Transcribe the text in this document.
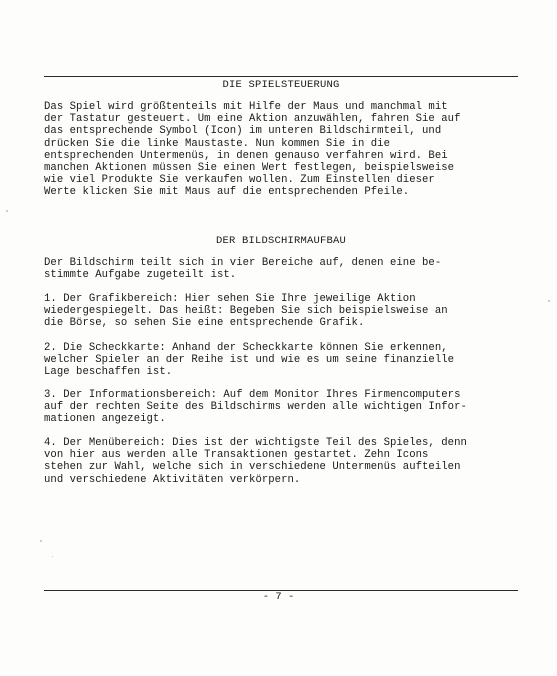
DIE SPIELSTEUERUNG

Das Spiel wird größtenteils mit Hilfe der Maus und manchmal mit
der Tastatur gesteuert. Um eine Aktion anzuwählen, fahren Sie auf
das entsprechende Symbol (Icon) im unteren Bildschirmteil, und
drücken Sie die linke Maustaste. Nun kommen Sie in die
entsprechenden Untermenüs, in denen genauso verfahren wird. Bei
manchen Aktionen müssen Sie einen Wert festlegen, beispielsweise
wie viel Produkte Sie verkaufen wollen. Zum Einstellen dieser
Werte klicken Sie mit Maus auf die entsprechenden Pfeile.

DER BILDSCHIRMAUFBAU

Der Bildschirm teilt sich in vier Bereiche auf, denen eine be-
stimmte Aufgabe zugeteilt ist.

1. Der Grafikbereich: Hier sehen Sie Ihre jeweilige Aktion
wiedergespiegelt. Das heißt: Begeben Sie sich beispielsweise an
die Börse, so sehen Sie eine entsprechende Grafik.

2. Die Scheckkarte: Anhand der Scheckkarte können Sie erkennen,
welcher Spieler an der Reihe ist und wie es um seine finanzielle
Lage beschaffen ist.

3. Der Informationsbereich: Auf dem Monitor Ihres Firmencomputers
auf der rechten Seite des Bildschirms werden alle wichtigen Infor-
mationen angezeigt.

4. Der Menübereich: Dies ist der wichtigste Teil des Spieles, denn
von hier aus werden alle Transaktionen gestartet. Zehn Icons
stehen zur Wahl, welche sich in verschiedene Untermenüs aufteilen
und verschiedene Aktivitäten verkörpern.

- 7 -
